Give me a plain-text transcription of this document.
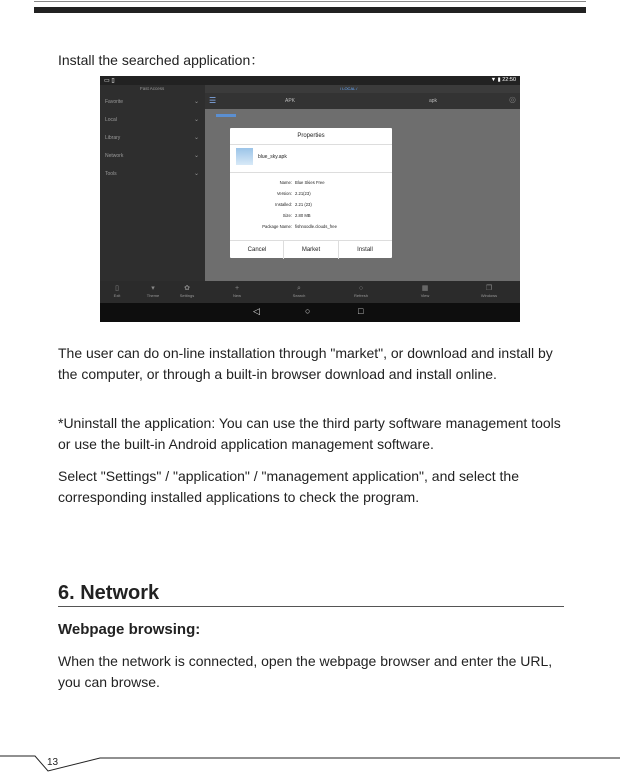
Install the searched application：
▭ ▯	▼ ▮ 22:50
Fast Access
Favorite	⌄
Local	⌄
Library	⌄
Network	⌄
Tools	⌄
/ LOCAL /
☰	APK	apk	◎
▯
Exit
▾
Theme
✿
Settings
+
New
⌕
Search
○
Refresh
▦
View
❐
Windows
◁	○	□
Properties
blue_sky.apk
Name: Blue Skies Free
Version: 2.21(23)
Installed: 2.21 (23)
Size: 2.80 MB
Package Name: fishnoodle.clouds_free
Cancel	Market	Install

The user can do on-line installation through "market", or download and install by the computer, or through a built-in browser download and install online.

*Uninstall the application: You can use the third party software management tools or use the built-in Android application management software.

Select "Settings" / "application" / "management application", and select the corresponding installed applications to check the program.

6. Network
Webpage browsing:

When the network is connected, open the webpage browser and enter the URL, you can browse.

13
